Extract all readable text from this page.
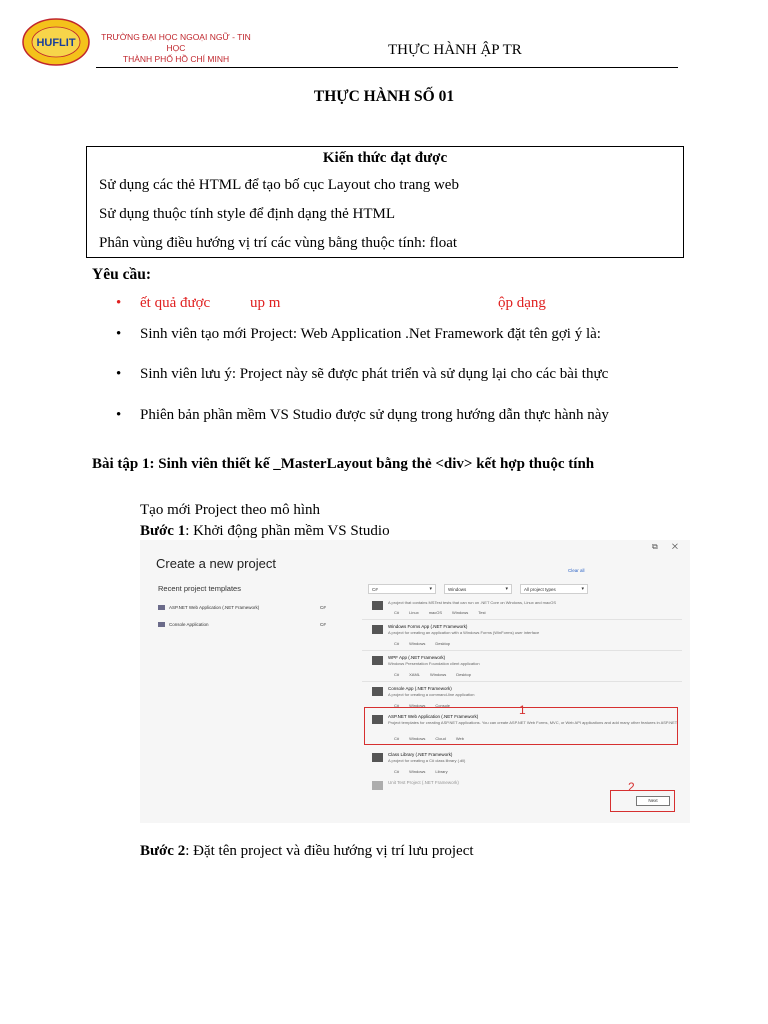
HUFLIT	TRƯỜNG ĐẠI HỌC NGOẠI NGỮ - TIN HỌC
THÀNH PHỐ HỒ CHÍ MINH
THỰC HÀNH ẬP TR
THỰC HÀNH SỐ 01
Kiến thức đạt được
Sử dụng các thẻ HTML để tạo bố cục Layout cho trang web
Sử dụng thuộc tính style để định dạng thẻ HTML
Phân vùng điều hướng vị trí các vùng bằng thuộc tính: float
Yêu cầu:
• ết quả được	up m	ộp dạng
• Sinh viên tạo mới Project: Web Application .Net Framework đặt tên gợi ý là:
• Sinh viên lưu ý: Project này sẽ được phát triển và sử dụng lại cho các bài thực
• Phiên bản phần mềm VS Studio được sử dụng trong hướng dẫn thực hành này
Bài tập 1: Sinh viên thiết kế _MasterLayout bằng thẻ <div> kết hợp thuộc tính
Tạo mới Project theo mô hình
Bước 1: Khởi động phần mềm VS Studio
⧉ ✕
Create a new project
Recent project templates
ASP.NET Web Application (.NET Framework)	C#
Console Application	C#
Clear all
C# ▾	Windows ▾	All project types ▾
A project that contains MSTest tests that can run on .NET Core on Windows, Linux and macOS
C#	Linux	macOS	Windows	Test
Windows Forms App (.NET Framework)
A project for creating an application with a Windows Forms (WinForms) user interface
C#	Windows	Desktop
WPF App (.NET Framework)
Windows Presentation Foundation client application
C#	XAML	Windows	Desktop
Console App (.NET Framework)
A project for creating a command-line application
C#	Windows	Console
ASP.NET Web Application (.NET Framework)
Project templates for creating ASP.NET applications. You can create ASP.NET Web Forms, MVC, or Web API applications and add many other features in ASP.NET.
C#	Windows	Cloud	Web
1
Class Library (.NET Framework)
A project for creating a C# class library (.dll)
C#	Windows	Library
Unit Test Project (.NET Framework)	2
Next
Bước 2: Đặt tên project và điều hướng vị trí lưu project
